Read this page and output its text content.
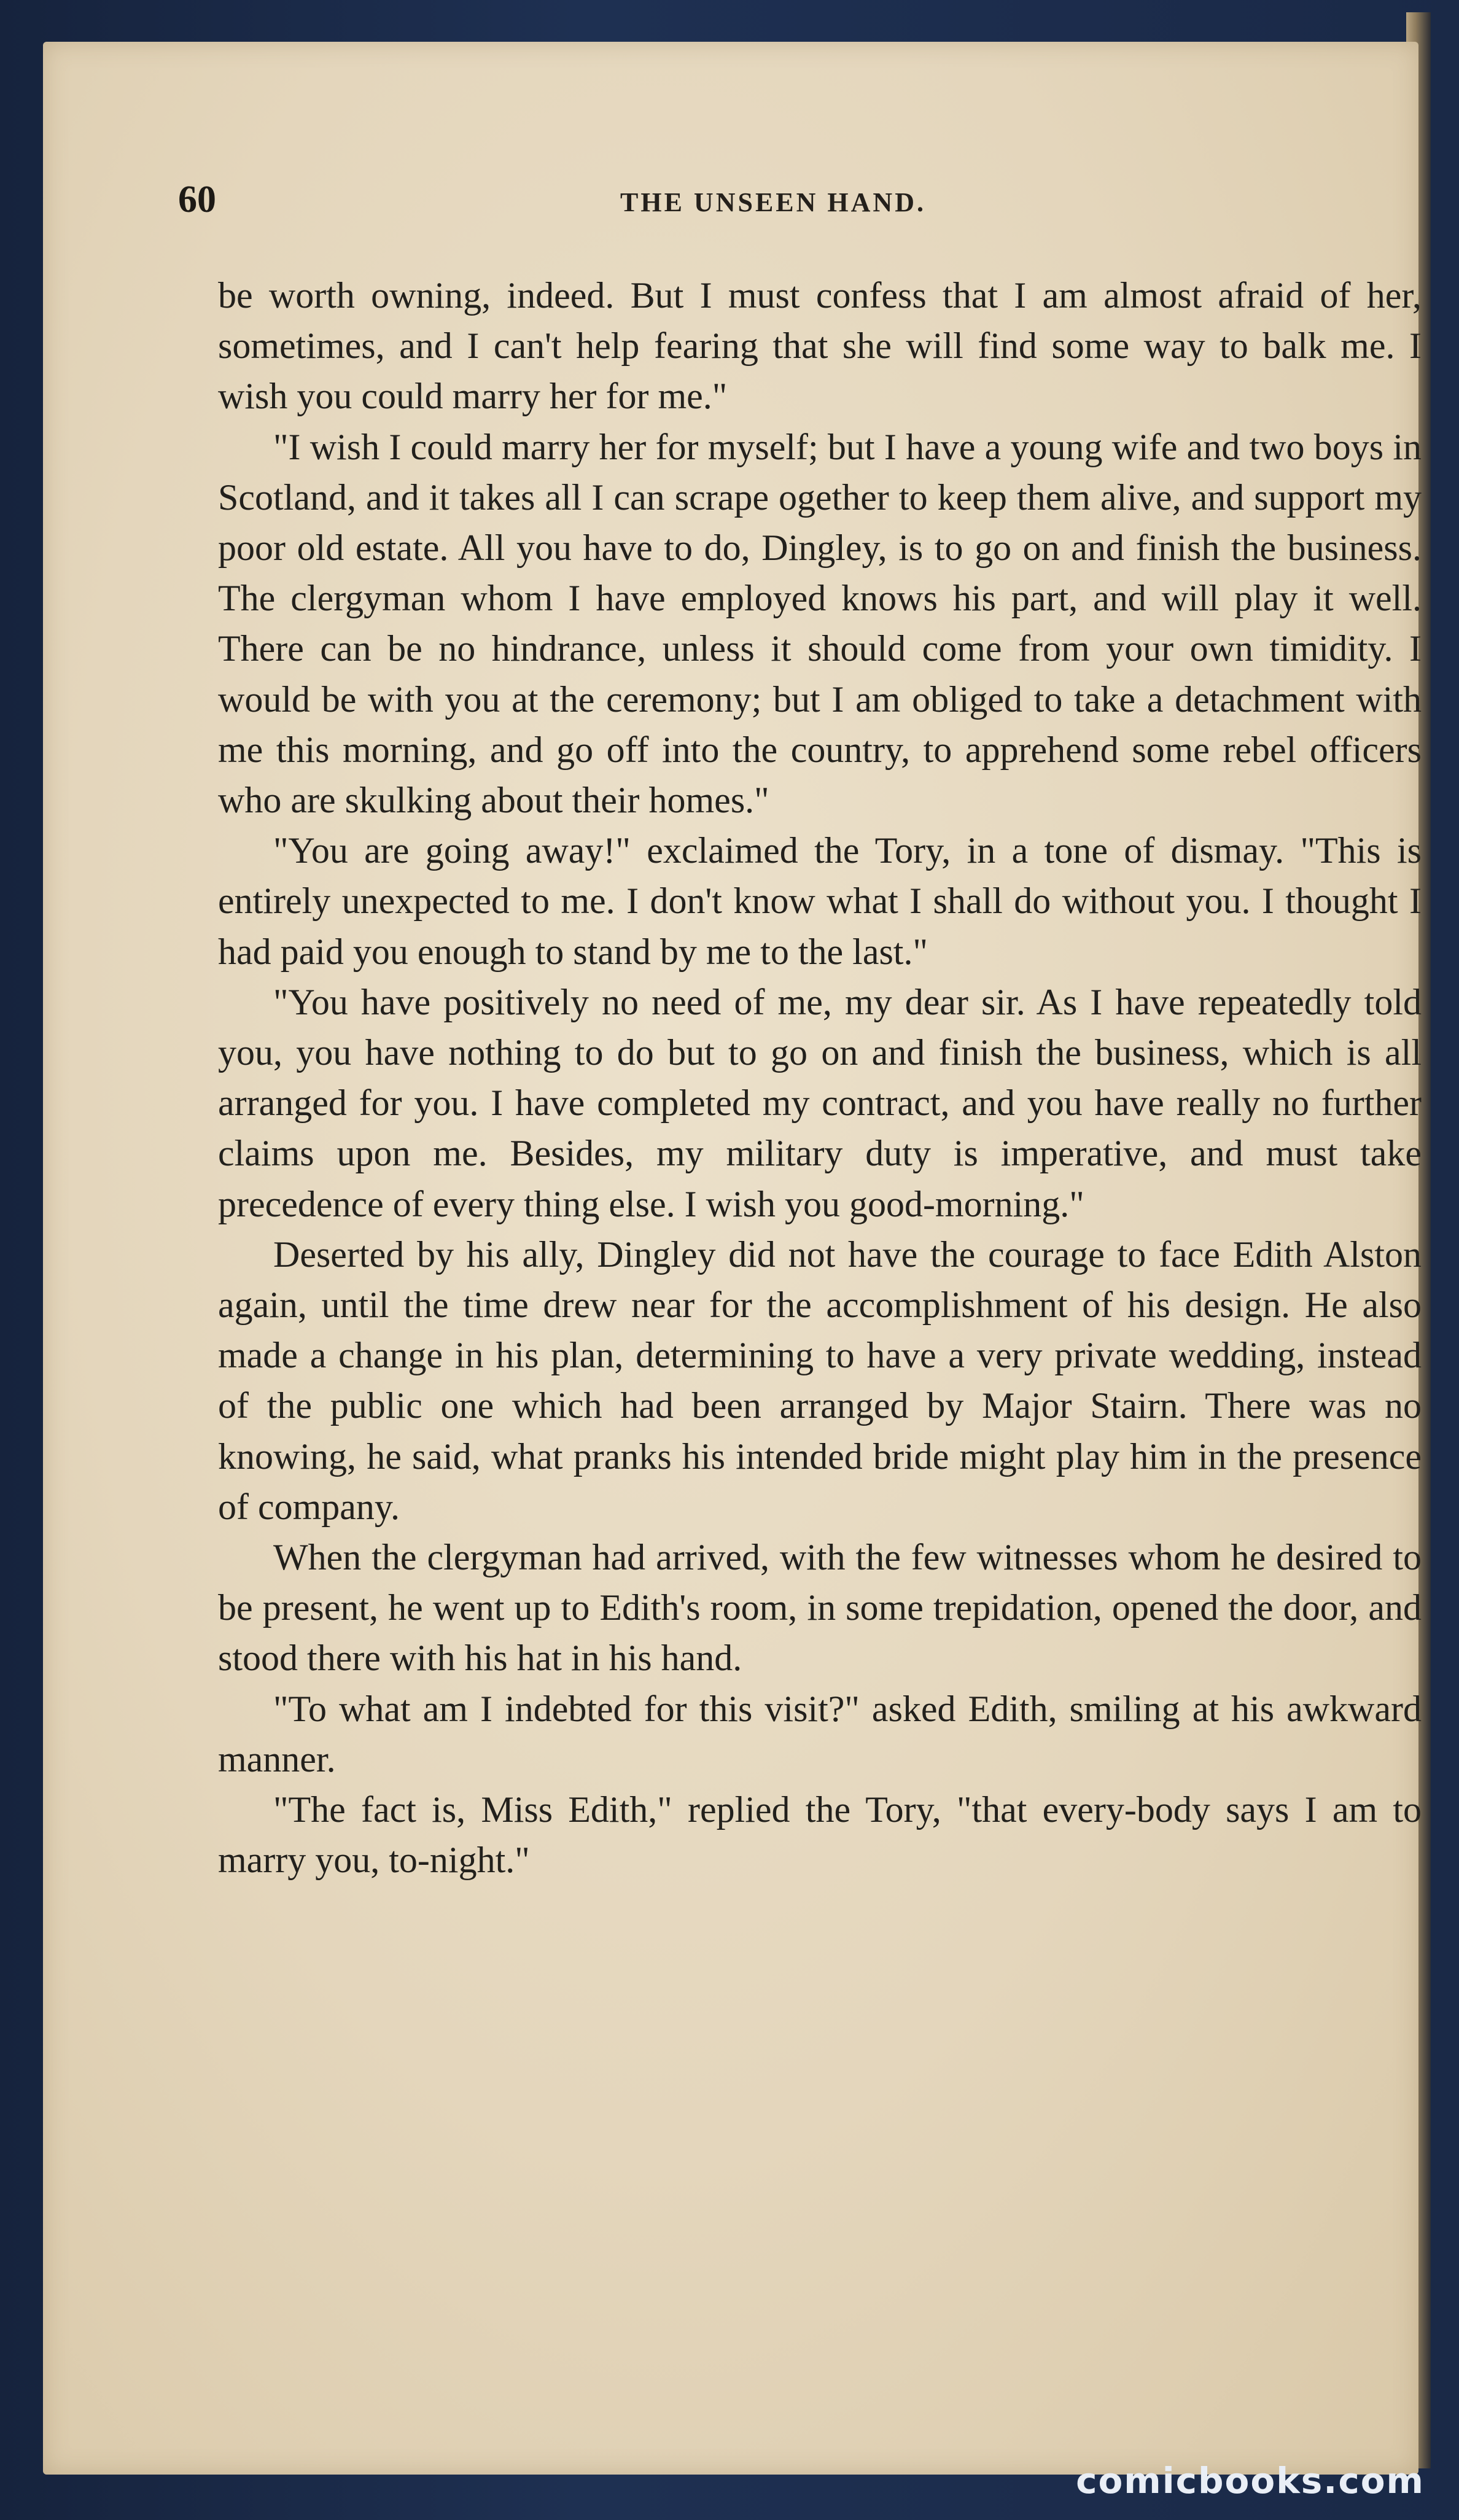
60	THE UNSEEN HAND.

be worth owning, indeed. But I must confess that I am almost afraid of her, sometimes, and I can't help fearing that she will find some way to balk me. I wish you could marry her for me."

"I wish I could marry her for myself; but I have a young wife and two boys in Scotland, and it takes all I can scrape ogether to keep them alive, and support my poor old estate. All you have to do, Dingley, is to go on and finish the business. The clergyman whom I have employed knows his part, and will play it well. There can be no hindrance, unless it should come from your own timidity. I would be with you at the ceremony; but I am obliged to take a detachment with me this morning, and go off into the country, to apprehend some rebel officers who are skulking about their homes."

"You are going away!" exclaimed the Tory, in a tone of dismay. "This is entirely unexpected to me. I don't know what I shall do without you. I thought I had paid you enough to stand by me to the last."

"You have positively no need of me, my dear sir. As I have repeatedly told you, you have nothing to do but to go on and finish the business, which is all arranged for you. I have completed my contract, and you have really no further claims upon me. Besides, my military duty is imperative, and must take precedence of every thing else. I wish you good-morning."

Deserted by his ally, Dingley did not have the courage to face Edith Alston again, until the time drew near for the accomplishment of his design. He also made a change in his plan, determining to have a very private wedding, instead of the public one which had been arranged by Major Stairn. There was no knowing, he said, what pranks his intended bride might play him in the presence of company.

When the clergyman had arrived, with the few witnesses whom he desired to be present, he went up to Edith's room, in some trepidation, opened the door, and stood there with his hat in his hand.

"To what am I indebted for this visit?" asked Edith, smiling at his awkward manner.

"The fact is, Miss Edith," replied the Tory, "that every-body says I am to marry you, to-night."

comicbooks.com
